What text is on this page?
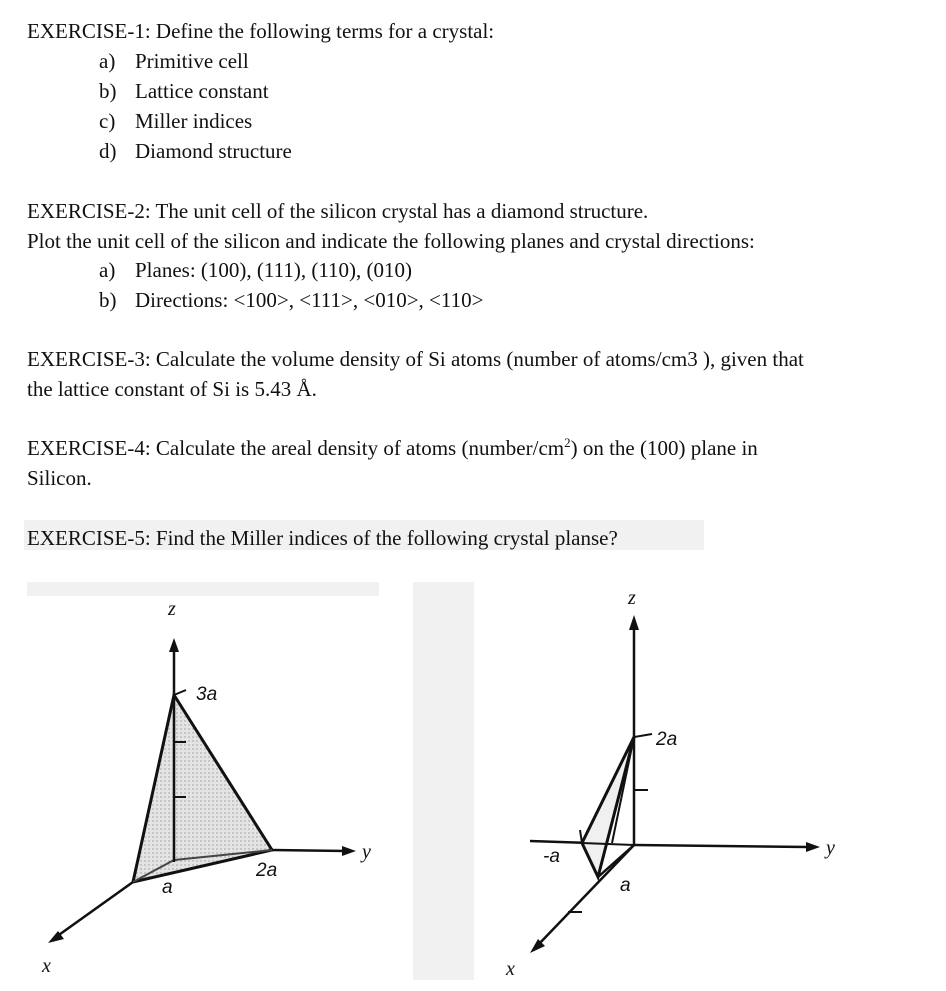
EXERCISE-1: Define the following terms for a crystal:
a) Primitive cell
b) Lattice constant
c) Miller indices
d) Diamond structure
EXERCISE-2: The unit cell of the silicon crystal has a diamond structure.
Plot the unit cell of the silicon and indicate the following planes and crystal directions:
a) Planes: (100), (111), (110), (010)
b) Directions: <100>, <111>, <010>, <110>
EXERCISE-3: Calculate the volume density of Si atoms (number of atoms/cm3 ), given that
the lattice constant of Si is 5.43 Å.
EXERCISE-4: Calculate the areal density of atoms $(number/cm^2)$ on the (100) plane in
Silicon.
EXERCISE-5: Find the Miller indices of the following crystal planse?
z
y
x
3a
2a
a
z
y
x
2a
-a
a
